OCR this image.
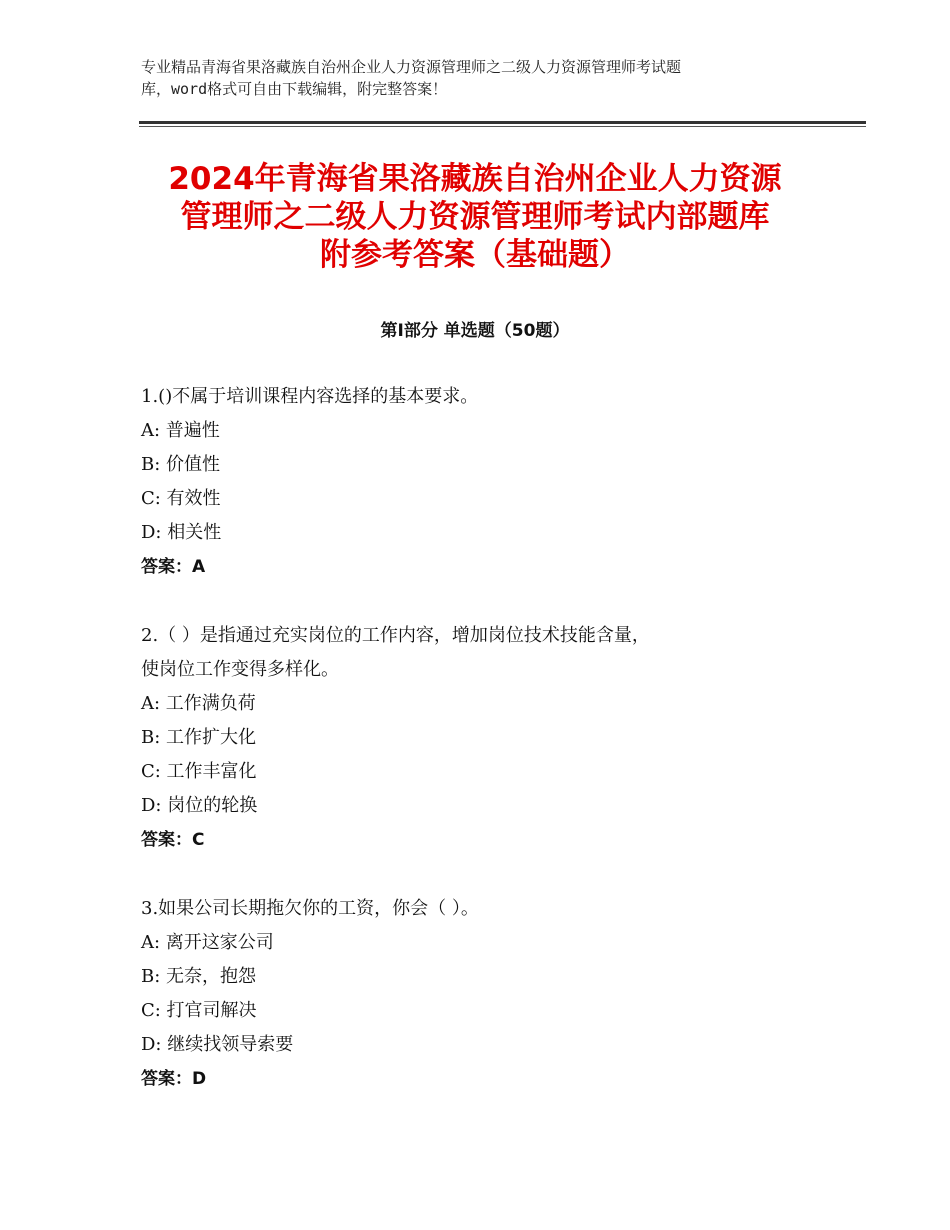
专业精品青海省果洛藏族自治州企业人力资源管理师之二级人力资源管理师考试题
库，word格式可自由下载编辑，附完整答案！
2024年青海省果洛藏族自治州企业人力资源
管理师之二级人力资源管理师考试内部题库
附参考答案（基础题）
第Ⅰ部分 单选题（50题）
1.()不属于培训课程内容选择的基本要求。
A: 普遍性
B: 价值性
C: 有效性
D: 相关性
答案：A
2.（ ）是指通过充实岗位的工作内容，增加岗位技术技能含量，
使岗位工作变得多样化。
A: 工作满负荷
B: 工作扩大化
C: 工作丰富化
D: 岗位的轮换
答案：C
3.如果公司长期拖欠你的工资，你会（ ）。
A: 离开这家公司
B: 无奈，抱怨
C: 打官司解决
D: 继续找领导索要
答案：D
